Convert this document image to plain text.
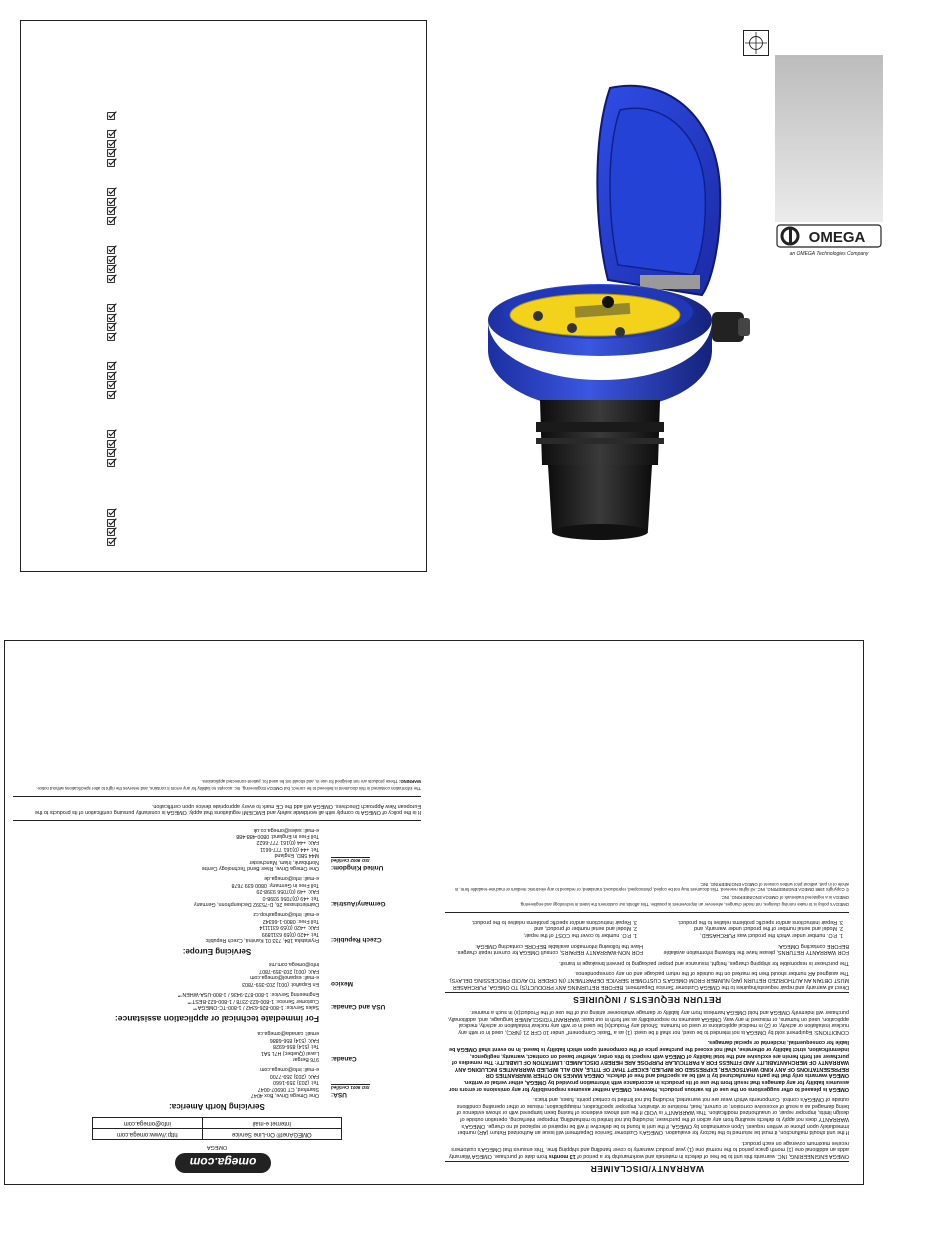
OMEGA
an OMEGA Technologies Company
WARRANTY/DISCLAIMER

OMEGA ENGINEERING, INC. warrants this unit to be free of defects in materials and workmanship for a period of 13 months from date of purchase. OMEGA Warranty adds an additional one (1) month grace period to the normal one (1) year product warranty to cover handling and shipping time. This ensures that OMEGA's customers receive maximum coverage on each product.

If the unit should malfunction, it must be returned to the factory for evaluation. OMEGA's Customer Service Department will issue an Authorized Return (AR) number immediately upon phone or written request. Upon examination by OMEGA, if the unit is found to be defective it will be repaired or replaced at no charge. OMEGA's WARRANTY does not apply to defects resulting from any action of the purchaser, including but not limited to mishandling, improper interfacing, operation outside of design limits, improper repair, or unauthorized modification. This WARRANTY is VOID if the unit shows evidence of having been tampered with or shows evidence of being damaged as a result of excessive corrosion; or current, heat, moisture or vibration; improper specification; misapplication; misuse or other operating conditions outside of OMEGA's control. Components which wear are not warranted, including but not limited to contact points, fuses, and triacs.

OMEGA is pleased to offer suggestions on the use of its various products. However, OMEGA neither assumes responsibility for any omissions or errors nor assumes liability for any damages that result from the use of its products in accordance with information provided by OMEGA, either verbal or written. OMEGA warrants only that the parts manufactured by it will be as specified and free of defects. OMEGA MAKES NO OTHER WARRANTIES OR REPRESENTATIONS OF ANY KIND WHATSOEVER, EXPRESSED OR IMPLIED, EXCEPT THAT OF TITLE, AND ALL IMPLIED WARRANTIES INCLUDING ANY WARRANTY OF MERCHANTABILITY AND FITNESS FOR A PARTICULAR PURPOSE ARE HEREBY DISCLAIMED. LIMITATION OF LIABILITY: The remedies of purchaser set forth herein are exclusive and the total liability of OMEGA with respect to this order, whether based on contract, warranty, negligence, indemnification, strict liability or otherwise, shall not exceed the purchase price of the component upon which liability is based. In no event shall OMEGA be liable for consequential, incidental or special damages.

CONDITIONS: Equipment sold by OMEGA is not intended to be used, nor shall it be used: (1) as a "Basic Component" under 10 CFR 21 (NRC), used in or with any nuclear installation or activity; or (2) in medical applications or used on humans. Should any Product(s) be used in or with any nuclear installation or activity, medical application, used on humans, or misused in any way, OMEGA assumes no responsibility as set forth in our basic WARRANTY/DISCLAIMER language, and, additionally, purchaser will indemnify OMEGA and hold OMEGA harmless from any liability or damage whatsoever arising out of the use of the Product(s) in such a manner.

RETURN REQUESTS / INQUIRIES

Direct all warranty and repair requests/inquiries to the OMEGA Customer Service Department. BEFORE RETURNING ANY PRODUCT(S) TO OMEGA, PURCHASER MUST OBTAIN AN AUTHORIZED RETURN (AR) NUMBER FROM OMEGA'S CUSTOMER SERVICE DEPARTMENT (IN ORDER TO AVOID PROCESSING DELAYS). The assigned AR number should then be marked on the outside of the return package and on any correspondence.

The purchaser is responsible for shipping charges, freight, insurance and proper packaging to prevent breakage in transit.

FOR WARRANTY RETURNS, please have the following information available BEFORE contacting OMEGA:

1. P.O. number under which the product was PURCHASED,
2. Model and serial number of the product under warranty, and
3. Repair instructions and/or specific problems relative to the product.

FOR NON-WARRANTY REPAIRS, consult OMEGA for current repair charges. Have the following information available BEFORE contacting OMEGA:

1. P.O. number to cover the COST of the repair,
2. Model and serial number of product, and
3. Repair instructions and/or specific problems relative to the product.

OMEGA's policy is to make running changes, not model changes, whenever an improvement is possible. This affords our customers the latest in technology and engineering.

OMEGA is a registered trademark of OMEGA ENGINEERING, INC.

© Copyright 1998 OMEGA ENGINEERING, INC. All rights reserved. This document may not be copied, photocopied, reproduced, translated, or reduced to any electronic medium or machine-readable form, in whole or in part, without prior written consent of OMEGA ENGINEERING, INC.

omega.com
OMEGA
OMEGAnet® On-Line Service	http://www.omega.com
Internet e-mail	info@omega.com
Servicing North America:
USA:
ISO 9001 Certified
One Omega Drive, Box 4047
Stamford, CT 06907-0047
Tel: (203) 359-1660
FAX: (203) 359-7700
e-mail: info@omega.com
Canada:
976 Bergar
Laval (Quebec) H7L 5A1
Tel: (514) 856-6928
FAX: (514) 856-6886
email: canada@omega.ca
For immediate technical or application assistance:
USA and Canada:
Sales Service: 1-800-826-6342 / 1-800-TC-OMEGA℠
Customer Service: 1-800-622-2378 / 1-800-622-BEST℠
Engineering Service: 1-800-872-9436 / 1-800-USA-WHEN℠
Mexico
En Español: (001) 203-359-7803
e-mail: espanol@omega.com
FAX: (001) 203-359-7807
info@omega.com.mx
Servicing Europe:
Czech Republic:
Frystatska 184, 733 01 Karviná, Czech Republic
Tel: +420 (0)59 6311899
FAX: +420 (0)59 6311114
Toll Free: 0800-1-66342
e-mail: info@omegashop.cz
Germany/Austria:
Daimlerstrasse 26, D-75392 Deckenpfronn, Germany
Tel: +49 (0)7056 9398-0
FAX: +49 (0)7056 9398-29
Toll Free in Germany: 0800 639 7678
e-mail: info@omega.de
United Kingdom:
ISO 9002 Certified
One Omega Drive, River Bend Technology Centre
Northbank, Irlam, Manchester
M44 5BD, England
Tel: +44 (0)161 777-6611
FAX: +44 (0)161 777-6622
Toll Free in England: 0800-488-488
e-mail: sales@omega.co.uk

It is the policy of OMEGA to comply with all worldwide safety and EMC/EMI regulations that apply. OMEGA is constantly pursuing certification of its products to the European New Approach Directives. OMEGA will add the CE mark to every appropriate device upon certification.

The information contained in this document is believed to be correct, but OMEGA Engineering, Inc. accepts no liability for any errors it contains, and reserves the right to alter specifications without notice.

WARNING: These products are not designed for use in, and should not be used for, patient-connected applications.
